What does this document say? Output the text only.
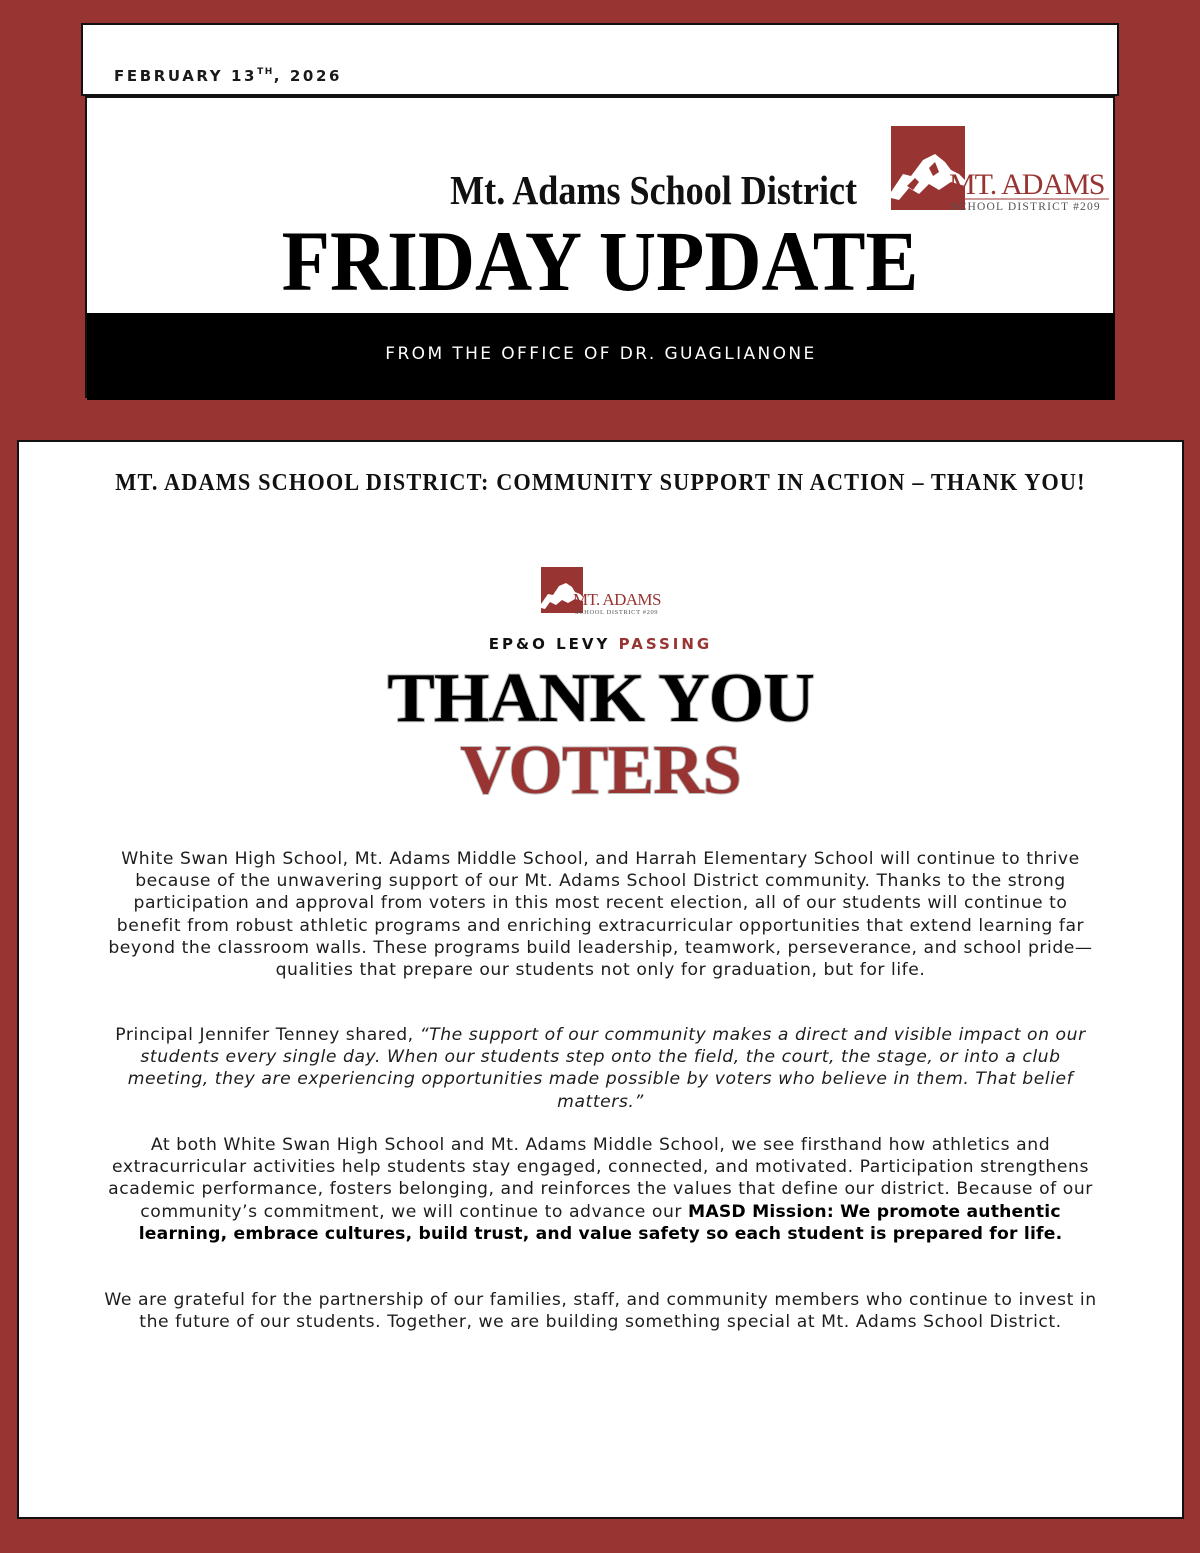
FEBRUARY 13TH, 2026
Mt. Adams School District	MT. ADAMS
SCHOOL DISTRICT #209
FRIDAY UPDATE
FROM THE OFFICE OF DR. GUAGLIANONE
MT. ADAMS SCHOOL DISTRICT: COMMUNITY SUPPORT IN ACTION – THANK YOU!
MT. ADAMS
SCHOOL DISTRICT #209
EP&O LEVY PASSING
THANK YOU
VOTERS
White Swan High School, Mt. Adams Middle School, and Harrah Elementary School will continue to thrive because of the unwavering support of our Mt. Adams School District community. Thanks to the strong participation and approval from voters in this most recent election, all of our students will continue to benefit from robust athletic programs and enriching extracurricular opportunities that extend learning far beyond the classroom walls. These programs build leadership, teamwork, perseverance, and school pride—qualities that prepare our students not only for graduation, but for life.
Principal Jennifer Tenney shared, “The support of our community makes a direct and visible impact on our students every single day. When our students step onto the field, the court, the stage, or into a club meeting, they are experiencing opportunities made possible by voters who believe in them. That belief matters.”
At both White Swan High School and Mt. Adams Middle School, we see firsthand how athletics and extracurricular activities help students stay engaged, connected, and motivated. Participation strengthens academic performance, fosters belonging, and reinforces the values that define our district. Because of our community’s commitment, we will continue to advance our MASD Mission: We promote authentic learning, embrace cultures, build trust, and value safety so each student is prepared for life.
We are grateful for the partnership of our families, staff, and community members who continue to invest in the future of our students. Together, we are building something special at Mt. Adams School District.
